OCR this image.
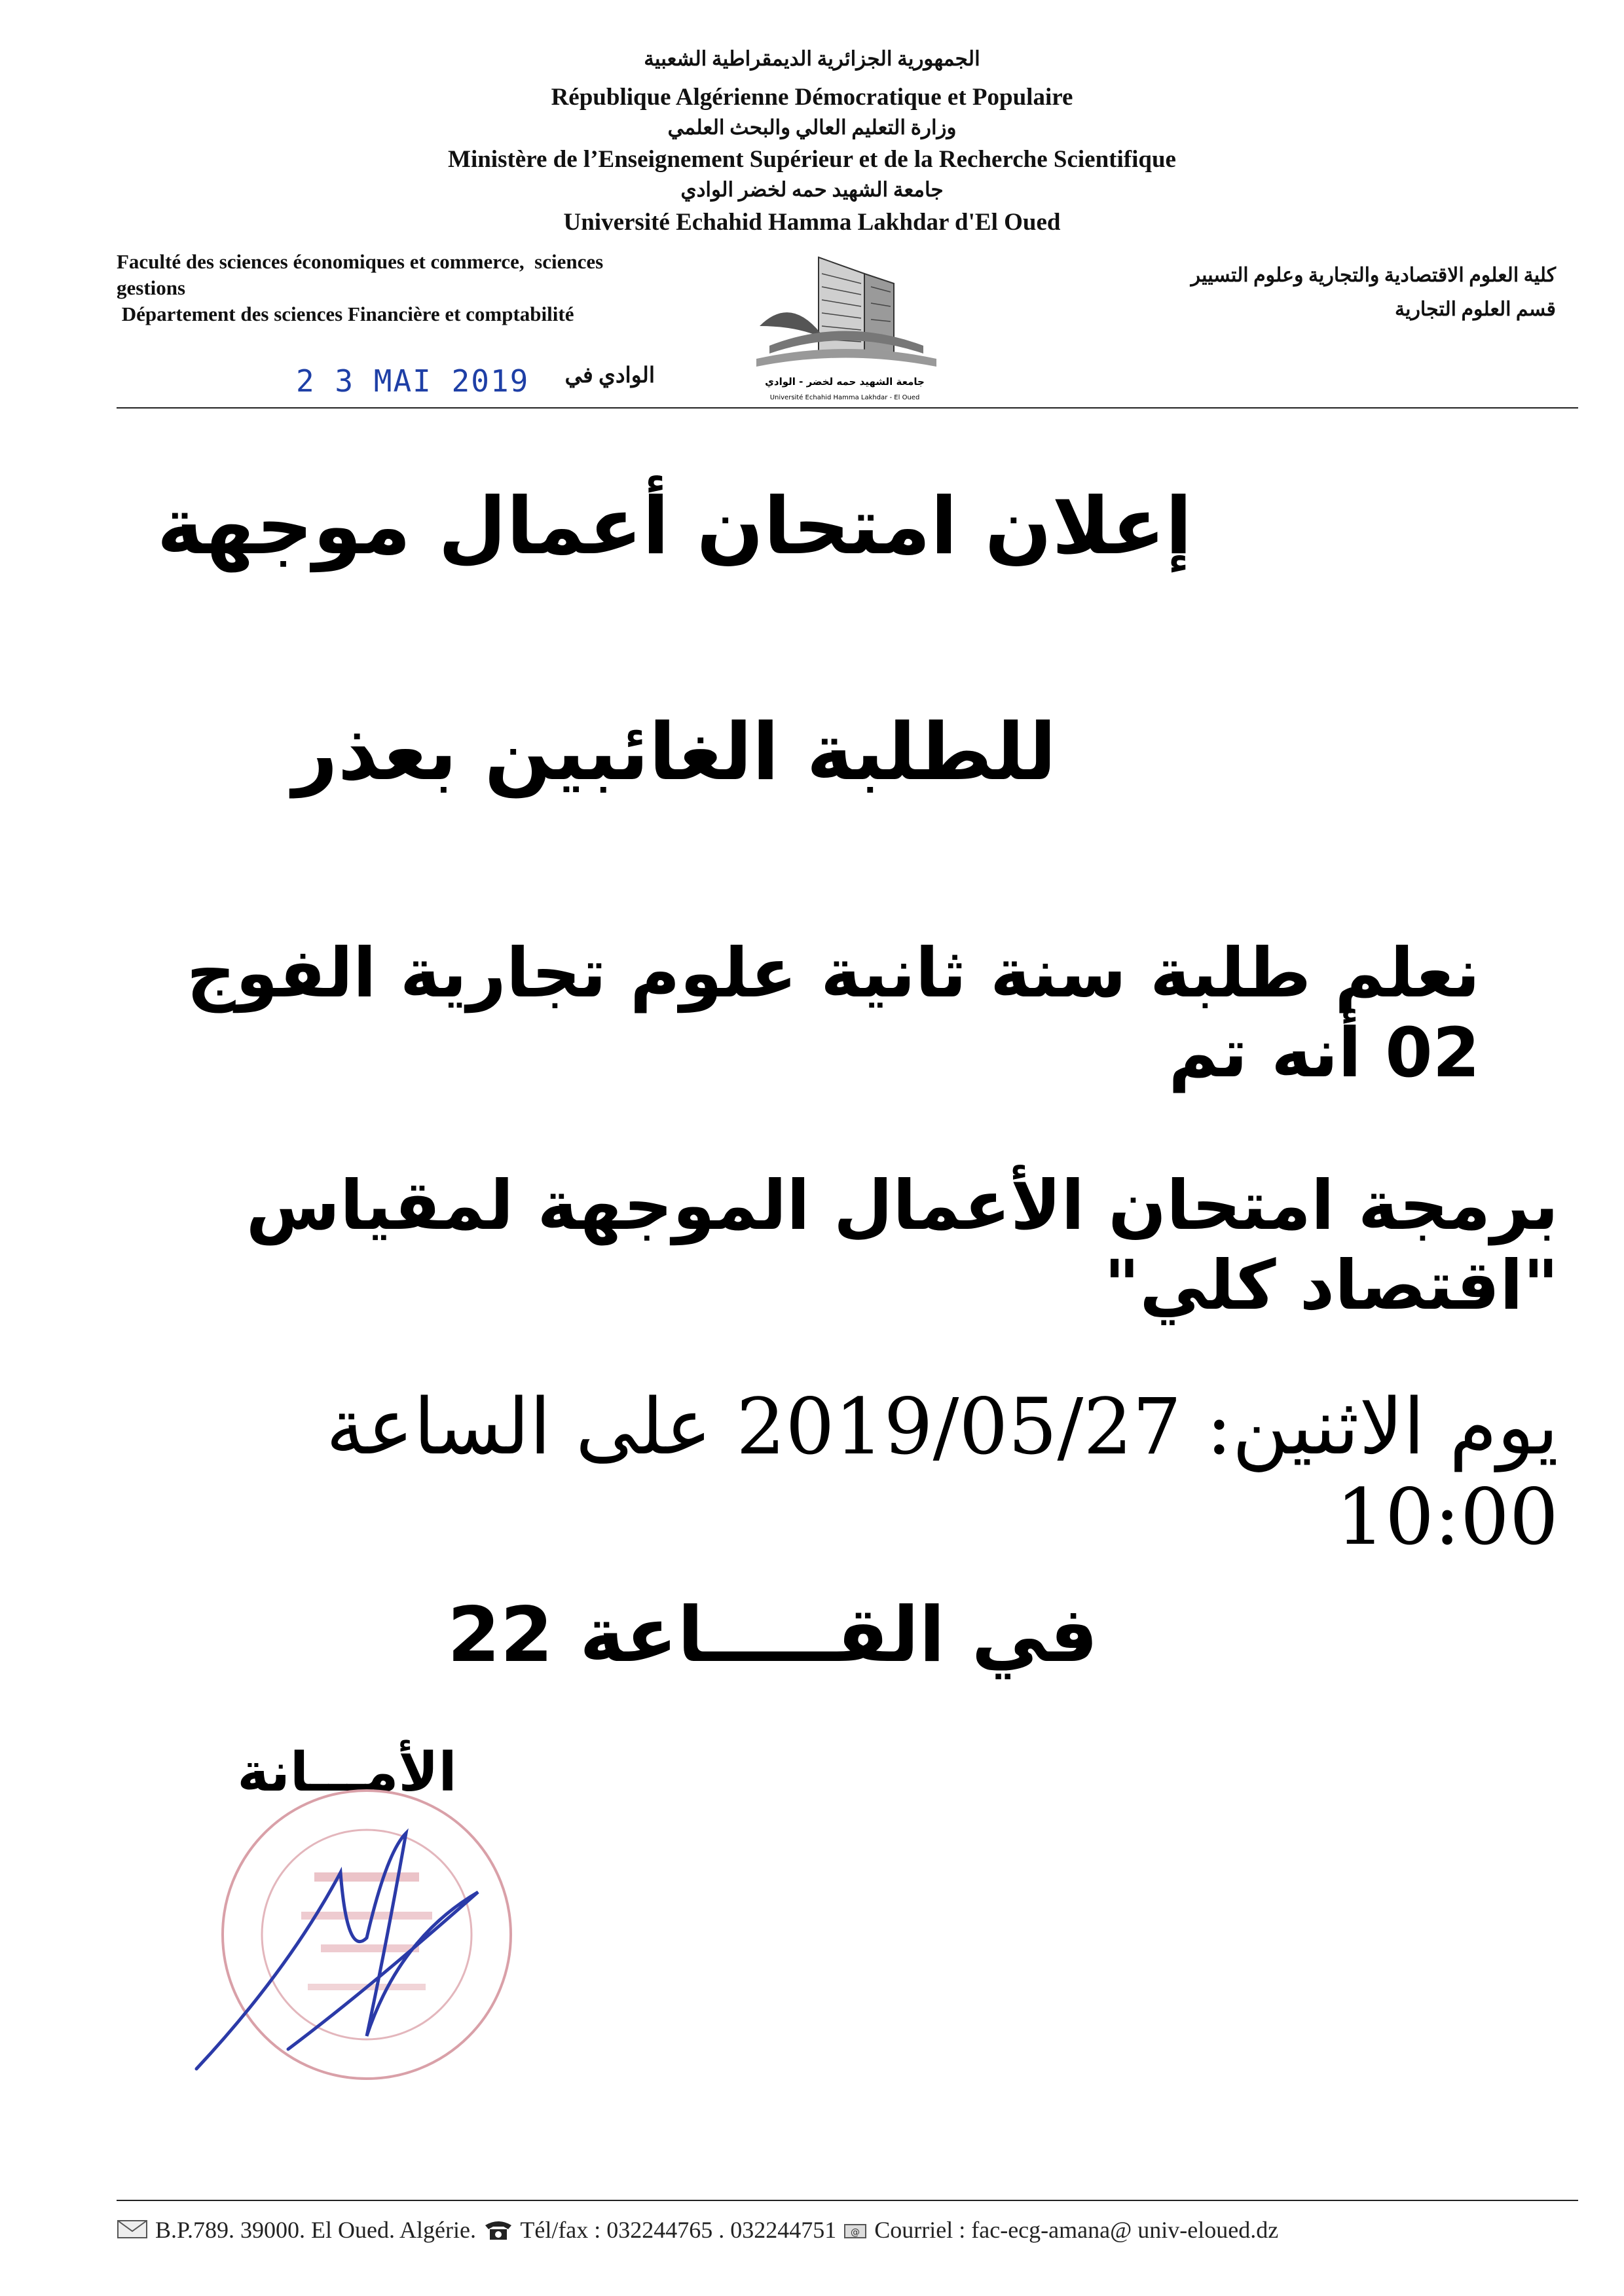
الجمهورية الجزائرية الديمقراطية الشعبية
République Algérienne Démocratique et Populaire
وزارة التعليم العالي والبحث العلمي
Ministère de l’Enseignement Supérieur et de la Recherche Scientifique
جامعة الشهيد حمه لخضر الوادي
Université Echahid Hamma Lakhdar d'El Oued
Faculté des sciences économiques et commerce,  sciences
gestions
Département des sciences Financière et comptabilité
كلية العلوم الاقتصادية والتجارية وعلوم التسيير
قسم العلوم التجارية
2 3 MAI 2019	الوادي في	جامعة الشهيد حمه لخضر - الوادي
Université Echahid Hamma Lakhdar - El Oued
إعلان امتحان أعمال موجهة
للطلبة الغائبين بعذر
نعلم طلبة سنة ثانية علوم تجارية الفوج 02 أنه تم
برمجة امتحان الأعمال الموجهة لمقياس "اقتصاد كلي"
يوم الاثنين: 2019/05/27 على الساعة 10:00
في القـــــاعة 22
الأمـــانة
B.P.789. 39000. El Oued. Algérie. Tél/fax : 032244765 . 032244751 @ Courriel : fac-ecg-amana@ univ-eloued.dz
